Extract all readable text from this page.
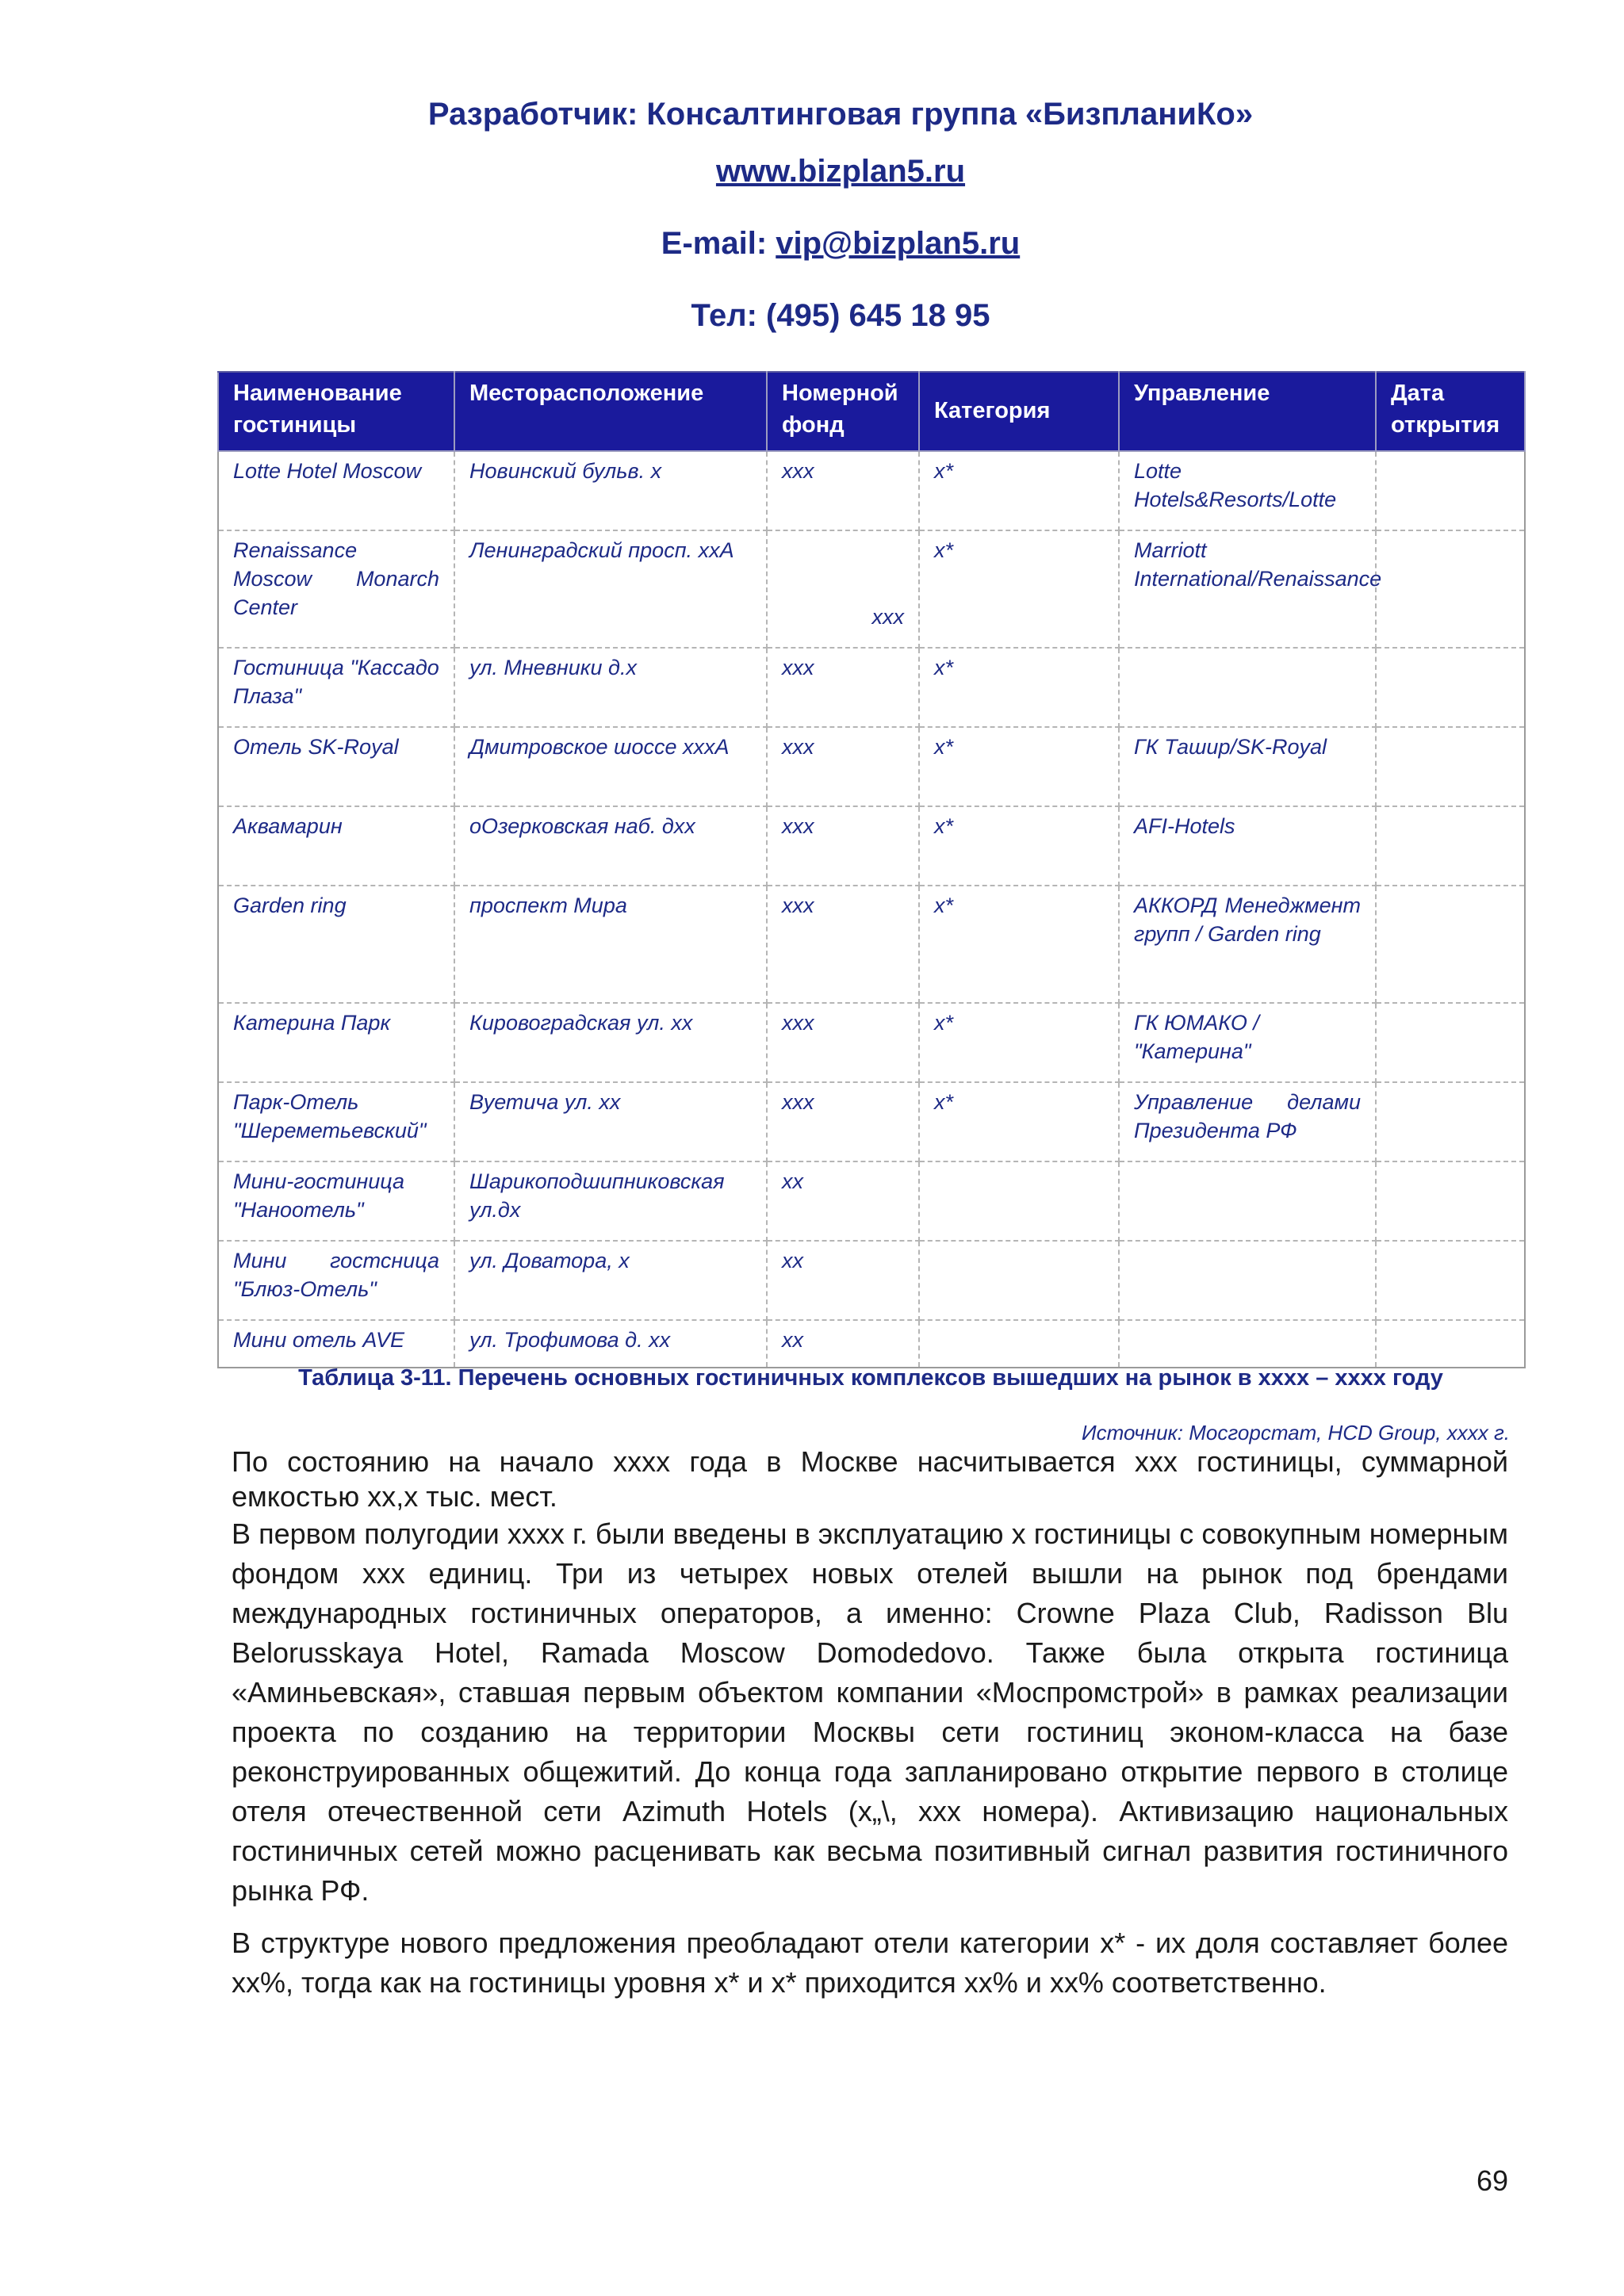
Разработчик: Консалтинговая группа «БизпланиКо»
www.bizplan5.ru
E-mail: vip@bizplan5.ru
Тел: (495) 645 18 95
Наименование гостиницы	Месторасположение	Номерной фонд	Категория	Управление	Дата открытия
Lotte Hotel Moscow	Новинский бульв. х	ххх	х*	Lotte Hotels&Resorts/Lotte	
Renaissance Moscow Monarch Center	Ленинградский просп. ххА	ххх	х*	Marriott International/Renaissance	
Гостиница "Кассадо Плаза"	ул. Мневники д.х	ххх	х*		
Отель SK-Royal	Дмитровское шоссе хххА	ххх	х*	ГК Ташир/SK-Royal	
Аквамарин	оОзерковская наб. дхх	ххх	х*	AFI-Hotels	
Garden ring	проспект Мира	ххх	х*	АККОРД Менеджмент групп / Garden ring	
Катерина Парк	Кировоградская ул. хх	ххх	х*	ГК ЮМАКО / "Катерина"	
Парк-Отель "Шереметьевский"	Вуетича ул. хх	ххх	х*	Управление делами Президента РФ	
Мини-гостиница "Наноотель"	Шарикоподшипниковская ул.дх	хх			
Мини гостсница "Блюз-Отель"	ул. Доватора, х	хх			
Мини отель AVE	ул. Трофимова д. хх	хх			
Таблица 3-11. Перечень основных гостиничных комплексов вышедших на рынок в хххх – хххх году
Источник: Мосгорстат, HCD Group, хххх г.
По состоянию на начало хххх года в Москве насчитывается ххх гостиницы, суммарной емкостью хх,х тыс. мест.
В первом полугодии хххх г. были введены в эксплуатацию х гостиницы с совокупным номерным фондом ххх единиц. Три из четырех новых отелей вышли на рынок под брендами международных гостиничных операторов, а именно: Crowne Plaza Club, Radisson Blu Belorusskaya Hotel, Ramada Moscow Domodedovo. Также была открыта гостиница «Аминьевская», ставшая первым объектом компании «Моспромстрой» в рамках реализации проекта по созданию на территории Москвы сети гостиниц эконом-класса на базе реконструированных общежитий. До конца года запланировано открытие первого в столице отеля отечественной сети Azimuth Hotels (х„\, ххх номера). Активизацию национальных гостиничных сетей можно расценивать как весьма позитивный сигнал развития гостиничного рынка РФ.
В структуре нового предложения преобладают отели категории х* - их доля составляет более хх%, тогда как на гостиницы уровня х* и х* приходится хх% и хх% соответственно.
69
